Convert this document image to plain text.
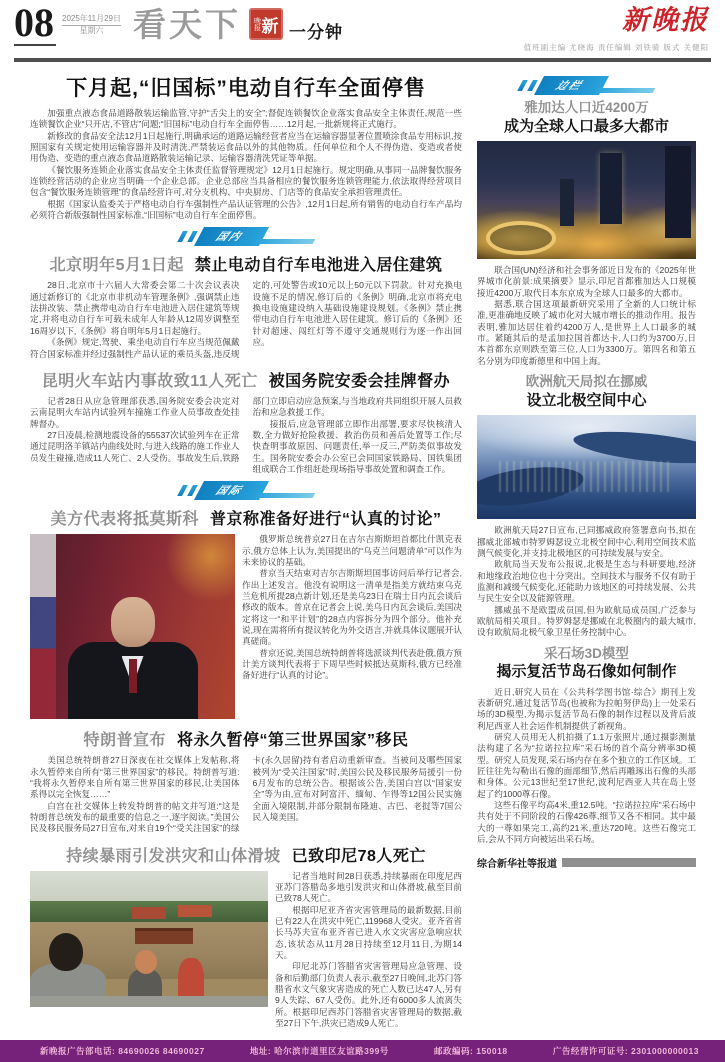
08 2025年11月29日
星期六 看天下 晚报 新 一分钟	新晚报
值班副主编 尤晓海 责任编辑 刘铁骑 版式 关健阳
下月起,“旧国标”电动自行车全面停售

加强重点液态食品道路散装运输监管,守护“舌尖上的安全”;督促连锁餐饮企业落实食品安全主体责任,规范一些连锁餐饮企业“只开店,不管店”问题;“旧国标”电动自行车全面停售……12月起,一批新规将正式施行。

新修改的食品安全法12月1日起施行,明确承运的道路运输经营者应当在运输容器显著位置喷涂食品专用标识,按照国家有关规定使用运输容器并及时清洗,严禁装运食品以外的其他物质。任何单位和个人不得伪造、变造或者使用伪造、变造的重点液态食品道路散装运输记录、运输容器清洗凭证等单据。

《餐饮服务连锁企业落实食品安全主体责任监督管理规定》12月1日起施行。规定明确,从事同一品牌餐饮服务连锁经营活动的企业应当明确一个企业总部。企业总部应当具备相应的餐饮服务连锁管理能力,依法取得经营项目包含“餐饮服务连锁管理”的食品经营许可,对分支机构、中央厨房、门店等的食品安全承担管理责任。

根据《国家认监委关于严格电动自行车强制性产品认证管理的公告》,12月1日起,所有销售的电动自行车产品均必须符合新版强制性国家标准,“旧国标”电动自行车全面停售。

国内
北京明年5月1日起 禁止电动自行车电池进入居住建筑

28日,北京市十六届人大常委会第二十次会议表决通过新修订的《北京市非机动车管理条例》,强调禁止违法拼改装、禁止携带电动自行车电池进入居住建筑等规定,并将电动自行车可载未成年人年龄从12周岁调整至16周岁以下,《条例》将自明年5月1日起施行。

《条例》规定,驾驶、乘坐电动自行车应当规范佩戴符合国家标准并经过强制性产品认证的乘员头盔,违反规定的,可处警告或10元以上50元以下罚款。针对充换电设施不足的情况,修订后的《条例》明确,北京市将充电换电设施建设纳入基础设施建设规划。《条例》禁止携带电动自行车电池进入居住建筑。修订后的《条例》还针对超速、闯红灯等不遵守交通规则行为逐一作出回应。

昆明火车站内事故致11人死亡 被国务院安委会挂牌督办

记者28日从应急管理部获悉,国务院安委会决定对云南昆明火车站内试验列车撞施工作业人员事故查处挂牌督办。

27日凌晨,检测地震设备的55537次试验列车在正常通过昆明洛羊镇站内曲线处时,与进入线路的施工作业人员发生碰撞,造成11人死亡、2人受伤。事故发生后,铁路部门立即启动应急预案,与当地政府共同组织开展人员救治和应急救援工作。

接报后,应急管理部立即作出部署,要求尽快核清人数,全力做好抢险救援、救治伤员和善后处置等工作;尽快查明事故原因、问题责任,举一反三,严防类似事故发生。国务院安委会办公室已会同国家铁路局、国铁集团组成联合工作组赶赴现场指导事故处置和调查工作。

国际
美方代表将抵莫斯科 普京称准备好进行“认真的讨论”

俄罗斯总统普京27日在吉尔吉斯斯坦首都比什凯克表示,俄方总体上认为,美国提出的“乌克兰问题清单”可以作为未来协议的基础。

普京当天结束对吉尔吉斯斯坦国事访问后举行记者会,作出上述发言。他没有说明这一清单是指美方就结束乌克兰危机所提28点新计划,还是美乌23日在瑞士日内瓦会谈后修改的版本。普京在记者会上说,美乌日内瓦会谈后,美国决定将这一“和平计划”的28点内容拆分为四个部分。他补充说,现在需将所有提议转化为外交语言,并就具体议题展开认真磋商。

普京还说,美国总统特朗普将选派谈判代表赴俄,俄方预计美方谈判代表将于下周早些时候抵达莫斯科,俄方已经准备好进行“认真的讨论”。

特朗普宣布 将永久暂停“第三世界国家”移民

美国总统特朗普27日深夜在社交媒体上发帖称,将永久暂停来自所有“第三世界国家”的移民。特朗普写道:“我将永久暂停来自所有第三世界国家的移民,让美国体系得以完全恢复……”

白宫在社交媒体上转发特朗普的帖文并写道:“这是特朗普总统发布的最重要的信息之一,逐字阅读。”美国公民及移民服务局27日宣布,对来自19个“受关注国家”的绿卡(永久居留)持有者启动重新审查。当被问及哪些国家被列为“受关注国家”时,美国公民及移民服务局援引一份6月发布的总统公告。根据该公告,美国白宫以“国家安全”等为由,宣布对阿富汗、缅甸、乍得等12国公民实施全面入境限制,并部分限制布隆迪、古巴、老挝等7国公民入境美国。

持续暴雨引发洪灾和山体滑坡 已致印尼78人死亡

记者当地时间28日获悉,持续暴雨在印度尼西亚苏门答腊岛多地引发洪灾和山体滑坡,截至目前已致78人死亡。

根据印尼亚齐省灾害管理局的最新数据,目前已有22人在洪灾中死亡,119968人受灾。亚齐省省长马苏夫宣布亚齐省已进入水文灾害应急响应状态,该状态从11月28日持续至12月11日,为期14天。

印尼北苏门答腊省灾害管理局应急管理、设备和后勤部门负责人表示,截至27日晚间,北苏门答腊省水文气象灾害造成的死亡人数已达47人,另有9人失踪、67人受伤。此外,还有6000多人流离失所。根据印尼西苏门答腊省灾害管理局的数据,截至27日下午,洪灾已造成9人死亡。

边栏
雅加达人口近4200万
成为全球人口最多大都市

联合国(UN)经济和社会事务部近日发布的《2025年世界城市化前景:成果摘要》显示,印尼首都雅加达人口规模接近4200万,取代日本东京成为全球人口最多的大都市。

据悉,联合国这项最新研究采用了全新的人口统计标准,更准确地反映了城市化对大城市增长的推动作用。报告表明,雅加达居住着约4200万人,是世界上人口最多的城市。紧随其后的是孟加拉国首都达卡,人口约为3700万,日本首都东京则跌至第三位,人口为3300万。第四名和第五名分别为印度新德里和中国上海。

欧洲航天局拟在挪威
设立北极空间中心

欧洲航天局27日宣布,已同挪威政府签署意向书,拟在挪威北部城市特罗姆瑟设立北极空间中心,利用空间技术监测气候变化,并支持北极地区的可持续发展与安全。

欧航局当天发布公报说,北极是生态与科研要地,经济和地缘政治地位也十分突出。空间技术与服务不仅有助于监测和减缓气候变化,还能助力该地区的可持续发展、公共与民生安全以及能源管理。

挪威虽不是欧盟成员国,但为欧航局成员国,广泛参与欧航局相关项目。特罗姆瑟是挪威在北极圈内的最大城市,设有欧航局北极气象卫星任务控制中心。

采石场3D模型
揭示复活节岛石像如何制作

近日,研究人员在《公共科学图书馆·综合》期刊上发表新研究,通过复活节岛(也被称为拉帕努伊岛)上一处采石场的3D模型,为揭示复活节岛石像的制作过程以及背后波利尼西亚人社会运作机制提供了新视角。

研究人员用无人机拍摄了1.1万张照片,通过摄影测量法构建了名为“拉诺拉拉库”采石场的首个高分辨率3D模型。研究人员发现,采石场内存在多个独立的工作区域。工匠往往先勾勒出石像的面部细节,然后再雕琢出石像的头部和身体。公元13世纪至17世纪,波利尼西亚人共在岛上竖起了约1000尊石像。

这些石像平均高4米,重12.5吨。“拉诺拉拉库”采石场中共有处于不同阶段的石像426尊,细节又各不相同。其中最大的一尊如果完工,高约21米,重达720吨。这些石像完工后,会从不同方向被运出采石场。

综合新华社等报道
新晚报广告部电话: 84690026 84690027	地址: 哈尔滨市道里区友谊路399号	邮政编码: 150018	广告经营许可证号: 2301000000013
